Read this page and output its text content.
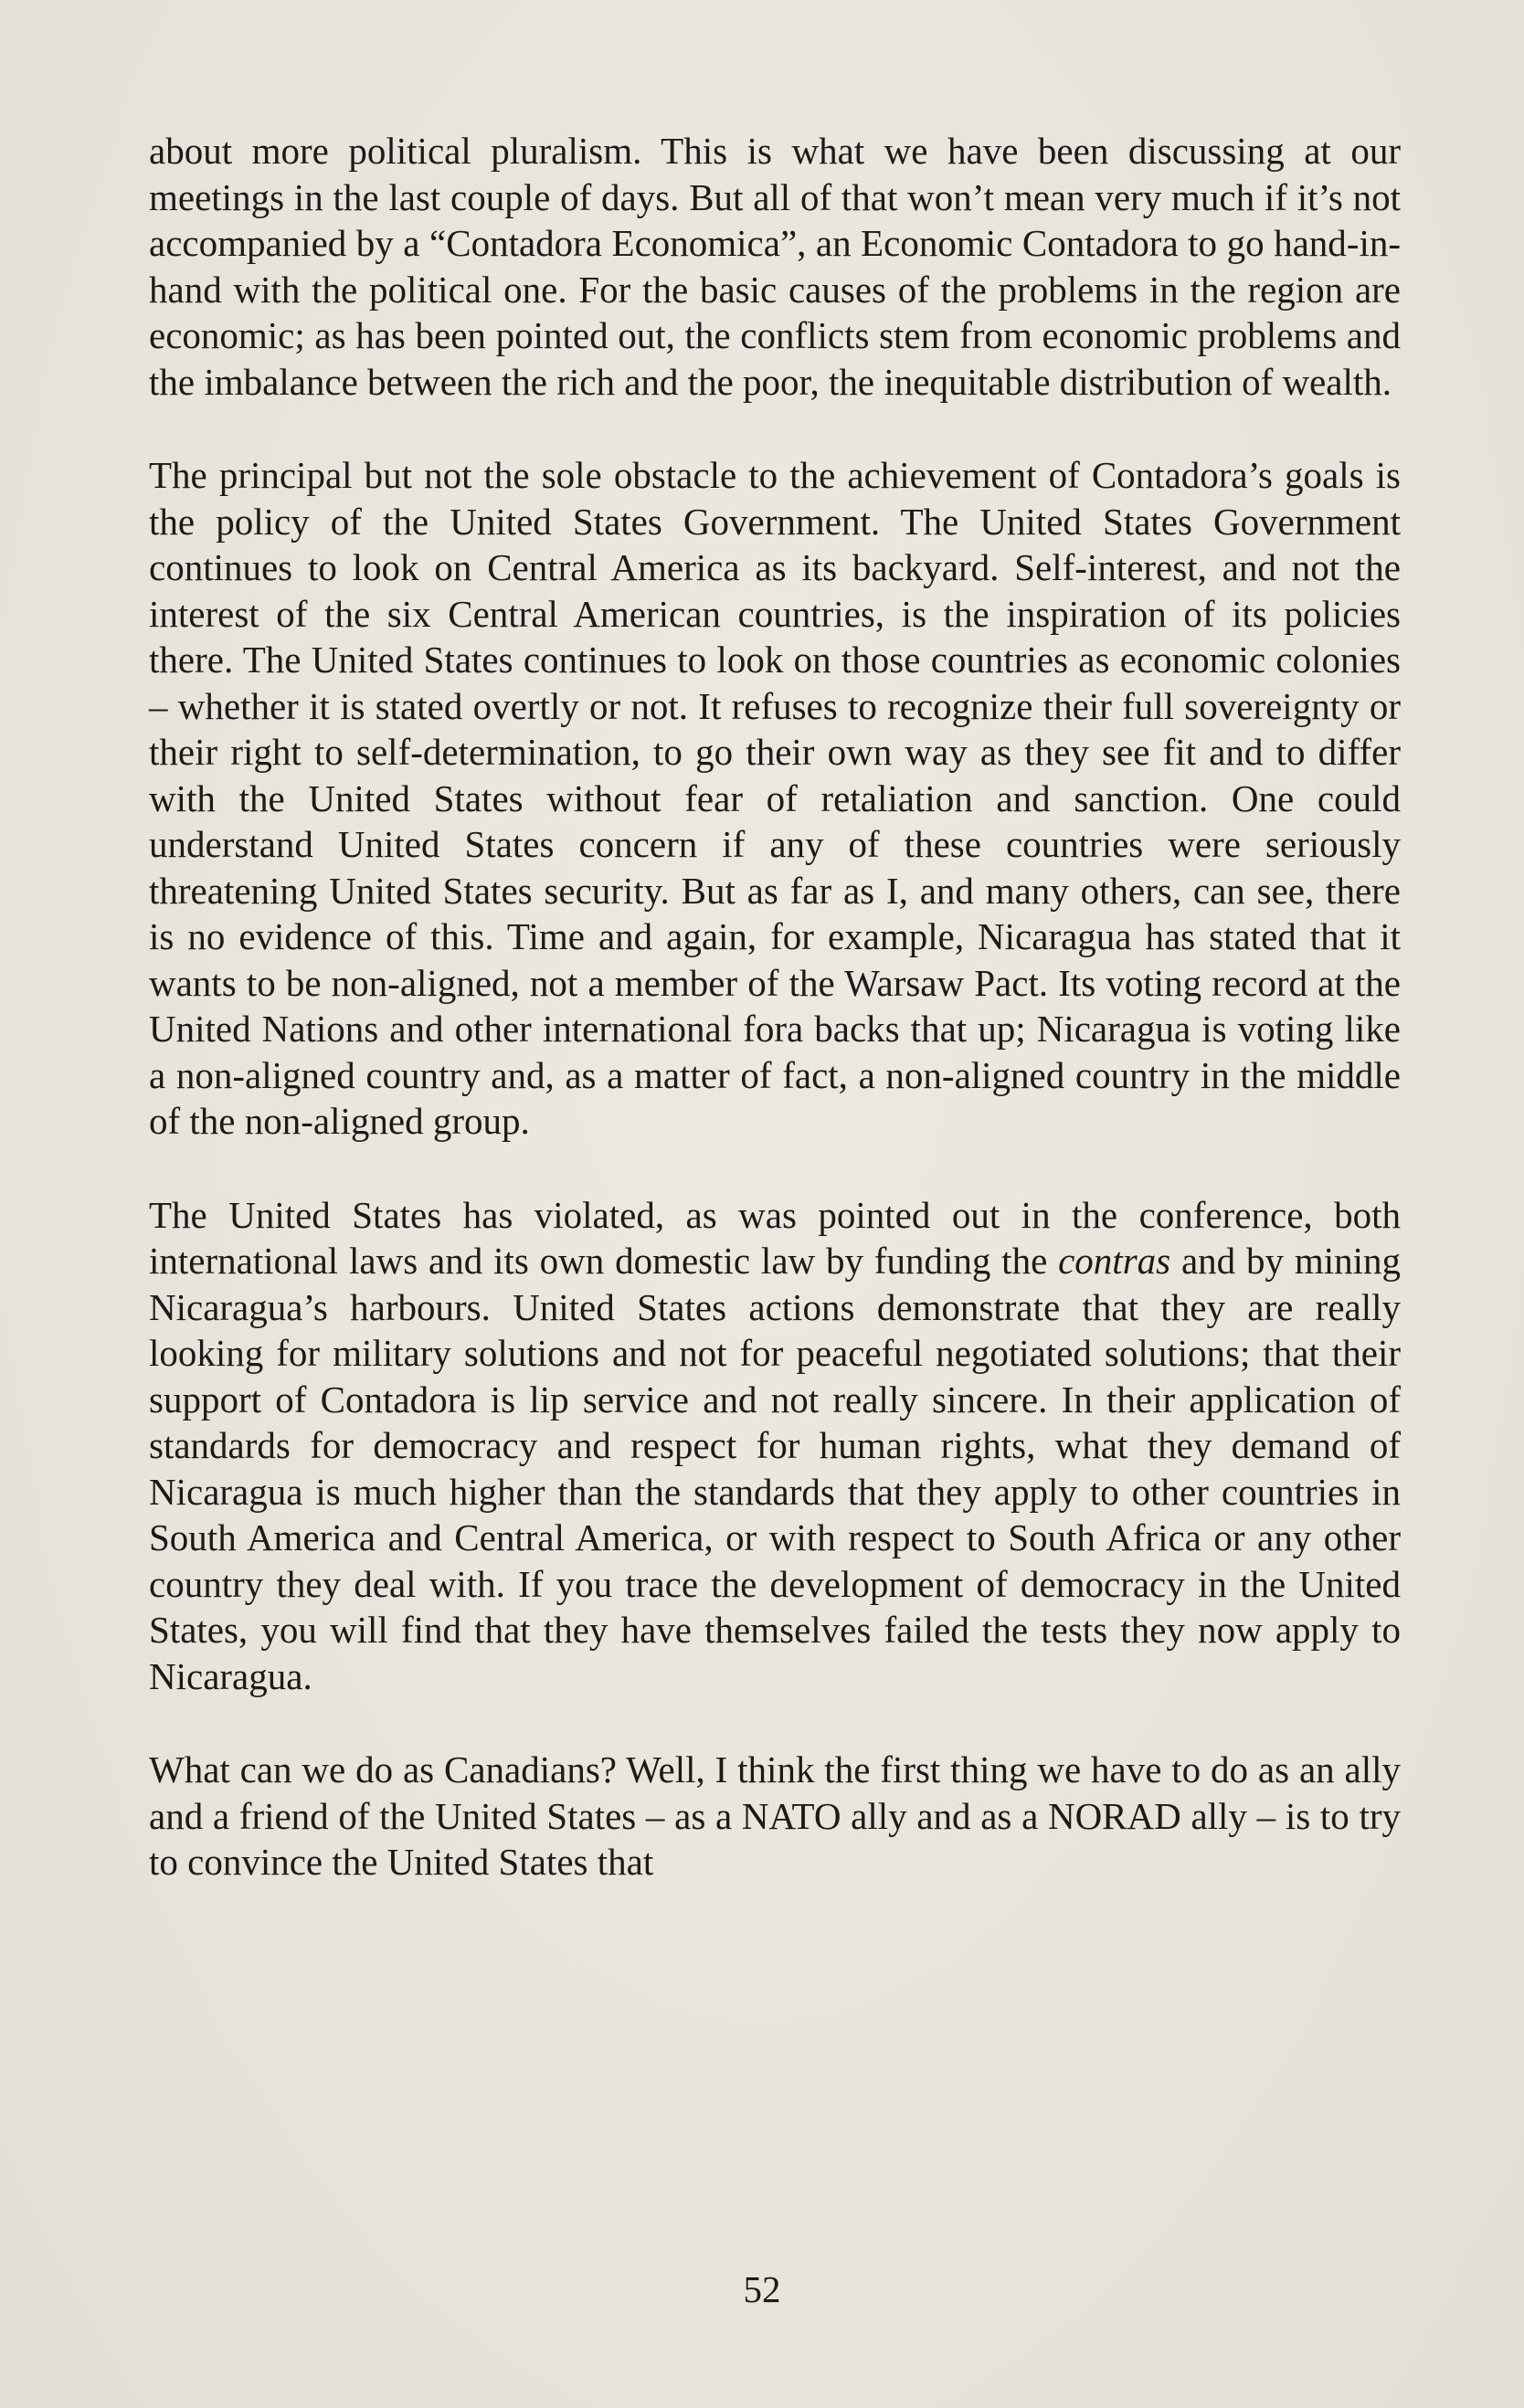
about more political pluralism. This is what we have been discussing at our meetings in the last couple of days. But all of that won’t mean very much if it’s not accompanied by a “Contadora Economica”, an Economic Contadora to go hand-in-hand with the political one. For the basic causes of the problems in the region are economic; as has been pointed out, the conflicts stem from economic problems and the imbalance between the rich and the poor, the inequitable distribution of wealth.

The principal but not the sole obstacle to the achievement of Contadora’s goals is the policy of the United States Government. The United States Government continues to look on Central America as its backyard. Self-interest, and not the interest of the six Central American countries, is the inspiration of its policies there. The United States continues to look on those countries as economic colonies – whether it is stated overtly or not. It refuses to recognize their full sovereignty or their right to self-determination, to go their own way as they see fit and to differ with the United States without fear of retaliation and sanction. One could understand United States concern if any of these countries were seriously threatening United States security. But as far as I, and many others, can see, there is no evidence of this. Time and again, for example, Nicaragua has stated that it wants to be non-aligned, not a member of the Warsaw Pact. Its voting record at the United Nations and other international fora backs that up; Nicaragua is voting like a non-aligned country and, as a matter of fact, a non-aligned country in the middle of the non-aligned group.

The United States has violated, as was pointed out in the conference, both international laws and its own domestic law by funding the contras and by mining Nicaragua’s harbours. United States actions demonstrate that they are really looking for military solutions and not for peaceful negotiated solutions; that their support of Contadora is lip service and not really sincere. In their application of standards for democracy and respect for human rights, what they demand of Nicaragua is much higher than the standards that they apply to other countries in South America and Central America, or with respect to South Africa or any other country they deal with. If you trace the development of democracy in the United States, you will find that they have themselves failed the tests they now apply to Nicaragua.

What can we do as Canadians? Well, I think the first thing we have to do as an ally and a friend of the United States – as a NATO ally and as a NORAD ally – is to try to convince the United States that

52
